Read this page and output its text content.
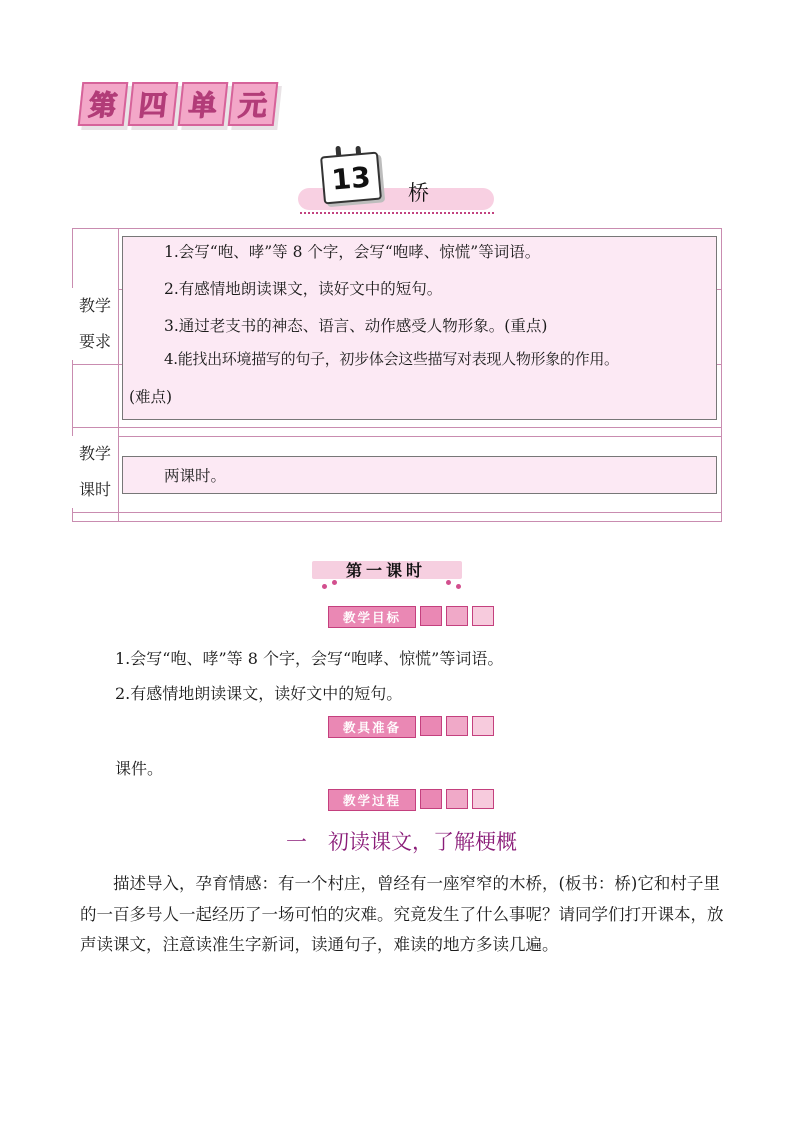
第 四 单 元
13	桥
教学
要求
教学
课时
1.会写“咆、哮”等 8 个字，会写“咆哮、惊慌”等词语。
2.有感情地朗读课文，读好文中的短句。
3.通过老支书的神态、语言、动作感受人物形象。(重点)
4.能找出环境描写的句子，初步体会这些描写对表现人物形象的作用。
(难点)
两课时。
第一课时
教学目标
1.会写“咆、哮”等 8 个字，会写“咆哮、惊慌”等词语。
2.有感情地朗读课文，读好文中的短句。
教具准备
课件。
教学过程
一　初读课文，了解梗概
描述导入，孕育情感：有一个村庄，曾经有一座窄窄的木桥，(板书：桥)它和村子里的一百多号人一起经历了一场可怕的灾难。究竟发生了什么事呢？请同学们打开课本，放声读课文，注意读准生字新词，读通句子，难读的地方多读几遍。
